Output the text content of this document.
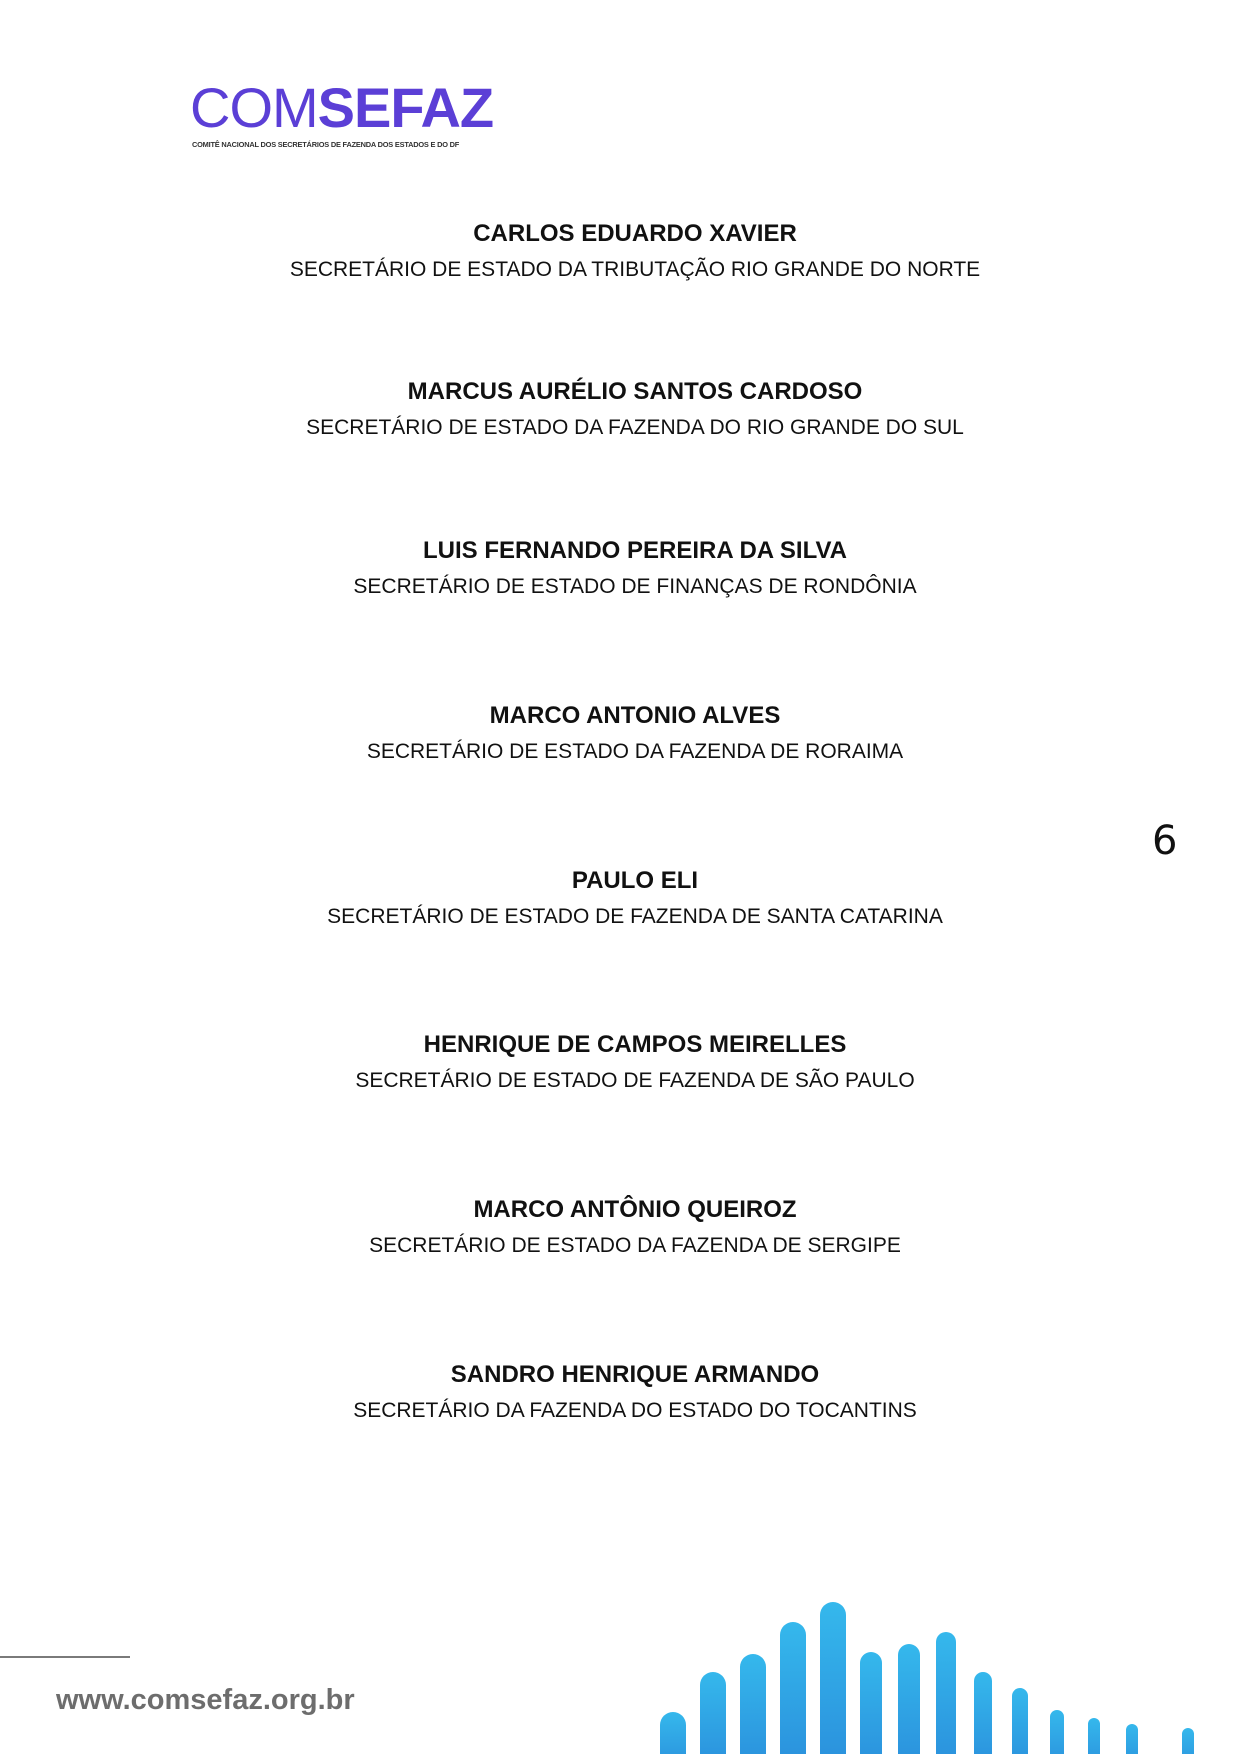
COMSEFAZ
COMITÊ NACIONAL DOS SECRETÁRIOS DE FAZENDA DOS ESTADOS E DO DF
CARLOS EDUARDO XAVIER
SECRETÁRIO DE ESTADO DA TRIBUTAÇÃO RIO GRANDE DO NORTE
MARCUS AURÉLIO SANTOS CARDOSO
SECRETÁRIO DE ESTADO DA FAZENDA DO RIO GRANDE DO SUL
LUIS FERNANDO PEREIRA DA SILVA
SECRETÁRIO DE ESTADO DE FINANÇAS DE RONDÔNIA
MARCO ANTONIO ALVES
SECRETÁRIO DE ESTADO DA FAZENDA DE RORAIMA
PAULO ELI
SECRETÁRIO DE ESTADO DE FAZENDA DE SANTA CATARINA
HENRIQUE DE CAMPOS MEIRELLES
SECRETÁRIO DE ESTADO DE FAZENDA DE SÃO PAULO
MARCO ANTÔNIO QUEIROZ
SECRETÁRIO DE ESTADO DA FAZENDA DE SERGIPE
SANDRO HENRIQUE ARMANDO
SECRETÁRIO DA FAZENDA DO ESTADO DO TOCANTINS
6
www.comsefaz.org.br
